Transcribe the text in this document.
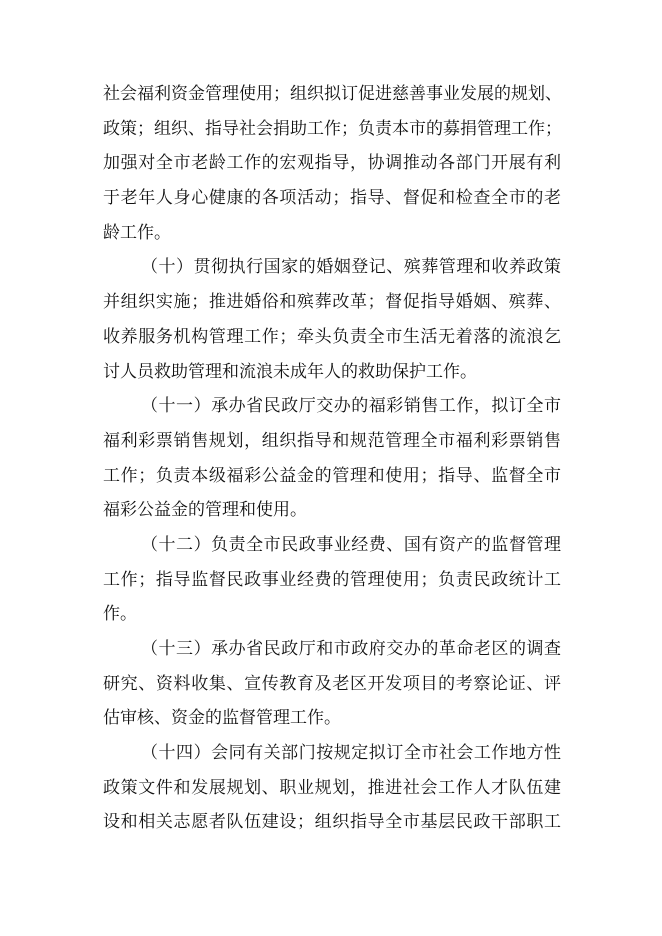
社会福利资金管理使用；组织拟订促进慈善事业发展的规划、
政策；组织、指导社会捐助工作；负责本市的募捐管理工作；
加强对全市老龄工作的宏观指导，协调推动各部门开展有利
于老年人身心健康的各项活动；指导、督促和检查全市的老
龄工作。
（十）贯彻执行国家的婚姻登记、殡葬管理和收养政策
并组织实施；推进婚俗和殡葬改革；督促指导婚姻、殡葬、
收养服务机构管理工作；牵头负责全市生活无着落的流浪乞
讨人员救助管理和流浪未成年人的救助保护工作。
（十一）承办省民政厅交办的福彩销售工作，拟订全市
福利彩票销售规划，组织指导和规范管理全市福利彩票销售
工作；负责本级福彩公益金的管理和使用；指导、监督全市
福彩公益金的管理和使用。
（十二）负责全市民政事业经费、国有资产的监督管理
工作；指导监督民政事业经费的管理使用；负责民政统计工
作。
（十三）承办省民政厅和市政府交办的革命老区的调查
研究、资料收集、宣传教育及老区开发项目的考察论证、评
估审核、资金的监督管理工作。
（十四）会同有关部门按规定拟订全市社会工作地方性
政策文件和发展规划、职业规划，推进社会工作人才队伍建
设和相关志愿者队伍建设；组织指导全市基层民政干部职工
